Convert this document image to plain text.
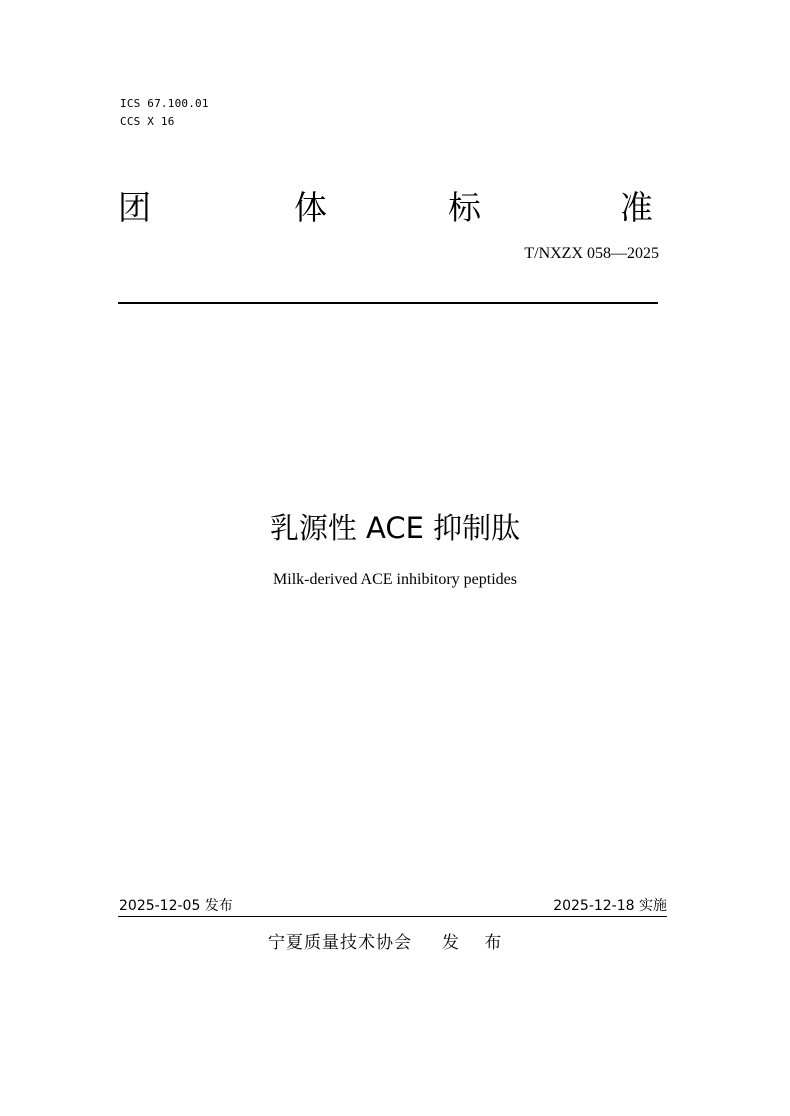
ICS 67.100.01
CCS X 16
团	体	标	准
T/NXZX 058—2025
乳源性 ACE 抑制肽
Milk-derived ACE inhibitory peptides
2025-12-05 发布	2025-12-18 实施
宁夏质量技术协会 发 布
